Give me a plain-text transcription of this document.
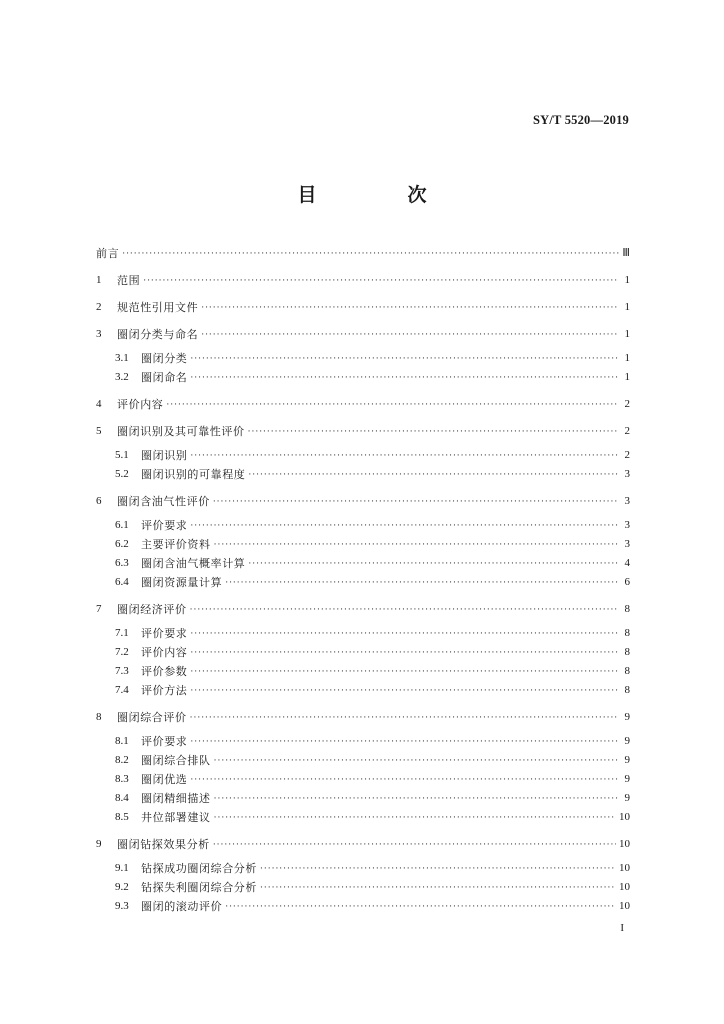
SY/T 5520—2019
目　次
前言 ·····	Ⅲ
1	范围 ·····	1
2	规范性引用文件 ·····	1
3	圈闭分类与命名 ·····	1
3.1	圈闭分类 ·····	1
3.2	圈闭命名 ·····	1
4	评价内容 ·····	2
5	圈闭识别及其可靠性评价 ·····	2
5.1	圈闭识别 ·····	2
5.2	圈闭识别的可靠程度 ·····	3
6	圈闭含油气性评价 ·····	3
6.1	评价要求 ·····	3
6.2	主要评价资料 ·····	3
6.3	圈闭含油气概率计算 ·····	4
6.4	圈闭资源量计算 ·····	6
7	圈闭经济评价 ·····	8
7.1	评价要求 ·····	8
7.2	评价内容 ·····	8
7.3	评价参数 ·····	8
7.4	评价方法 ·····	8
8	圈闭综合评价 ·····	9
8.1	评价要求 ·····	9
8.2	圈闭综合排队 ·····	9
8.3	圈闭优选 ·····	9
8.4	圈闭精细描述 ·····	9
8.5	井位部署建议 ·····	10
9	圈闭钻探效果分析 ·····	10
9.1	钻探成功圈闭综合分析 ·····	10
9.2	钻探失利圈闭综合分析 ·····	10
9.3	圈闭的滚动评价 ·····	10
I
